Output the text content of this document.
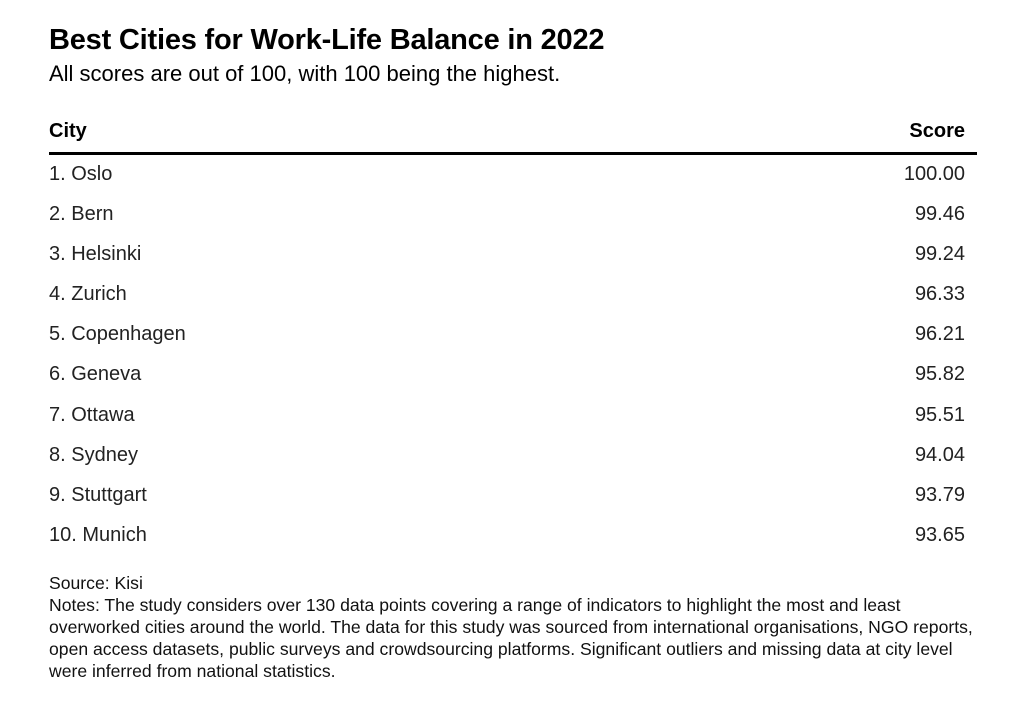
Best Cities for Work-Life Balance in 2022

All scores are out of 100, with 100 being the highest.

City	Score
1. Oslo	100.00
2. Bern	99.46
3. Helsinki	99.24
4. Zurich	96.33
5. Copenhagen	96.21
6. Geneva	95.82
7. Ottawa	95.51
8. Sydney	94.04
9. Stuttgart	93.79
10. Munich	93.65

Source: Kisi

Notes: The study considers over 130 data points covering a range of indicators to highlight the most and least overworked cities around the world. The data for this study was sourced from international organisations, NGO reports, open access datasets, public surveys and crowdsourcing platforms. Significant outliers and missing data at city level were inferred from national statistics.
